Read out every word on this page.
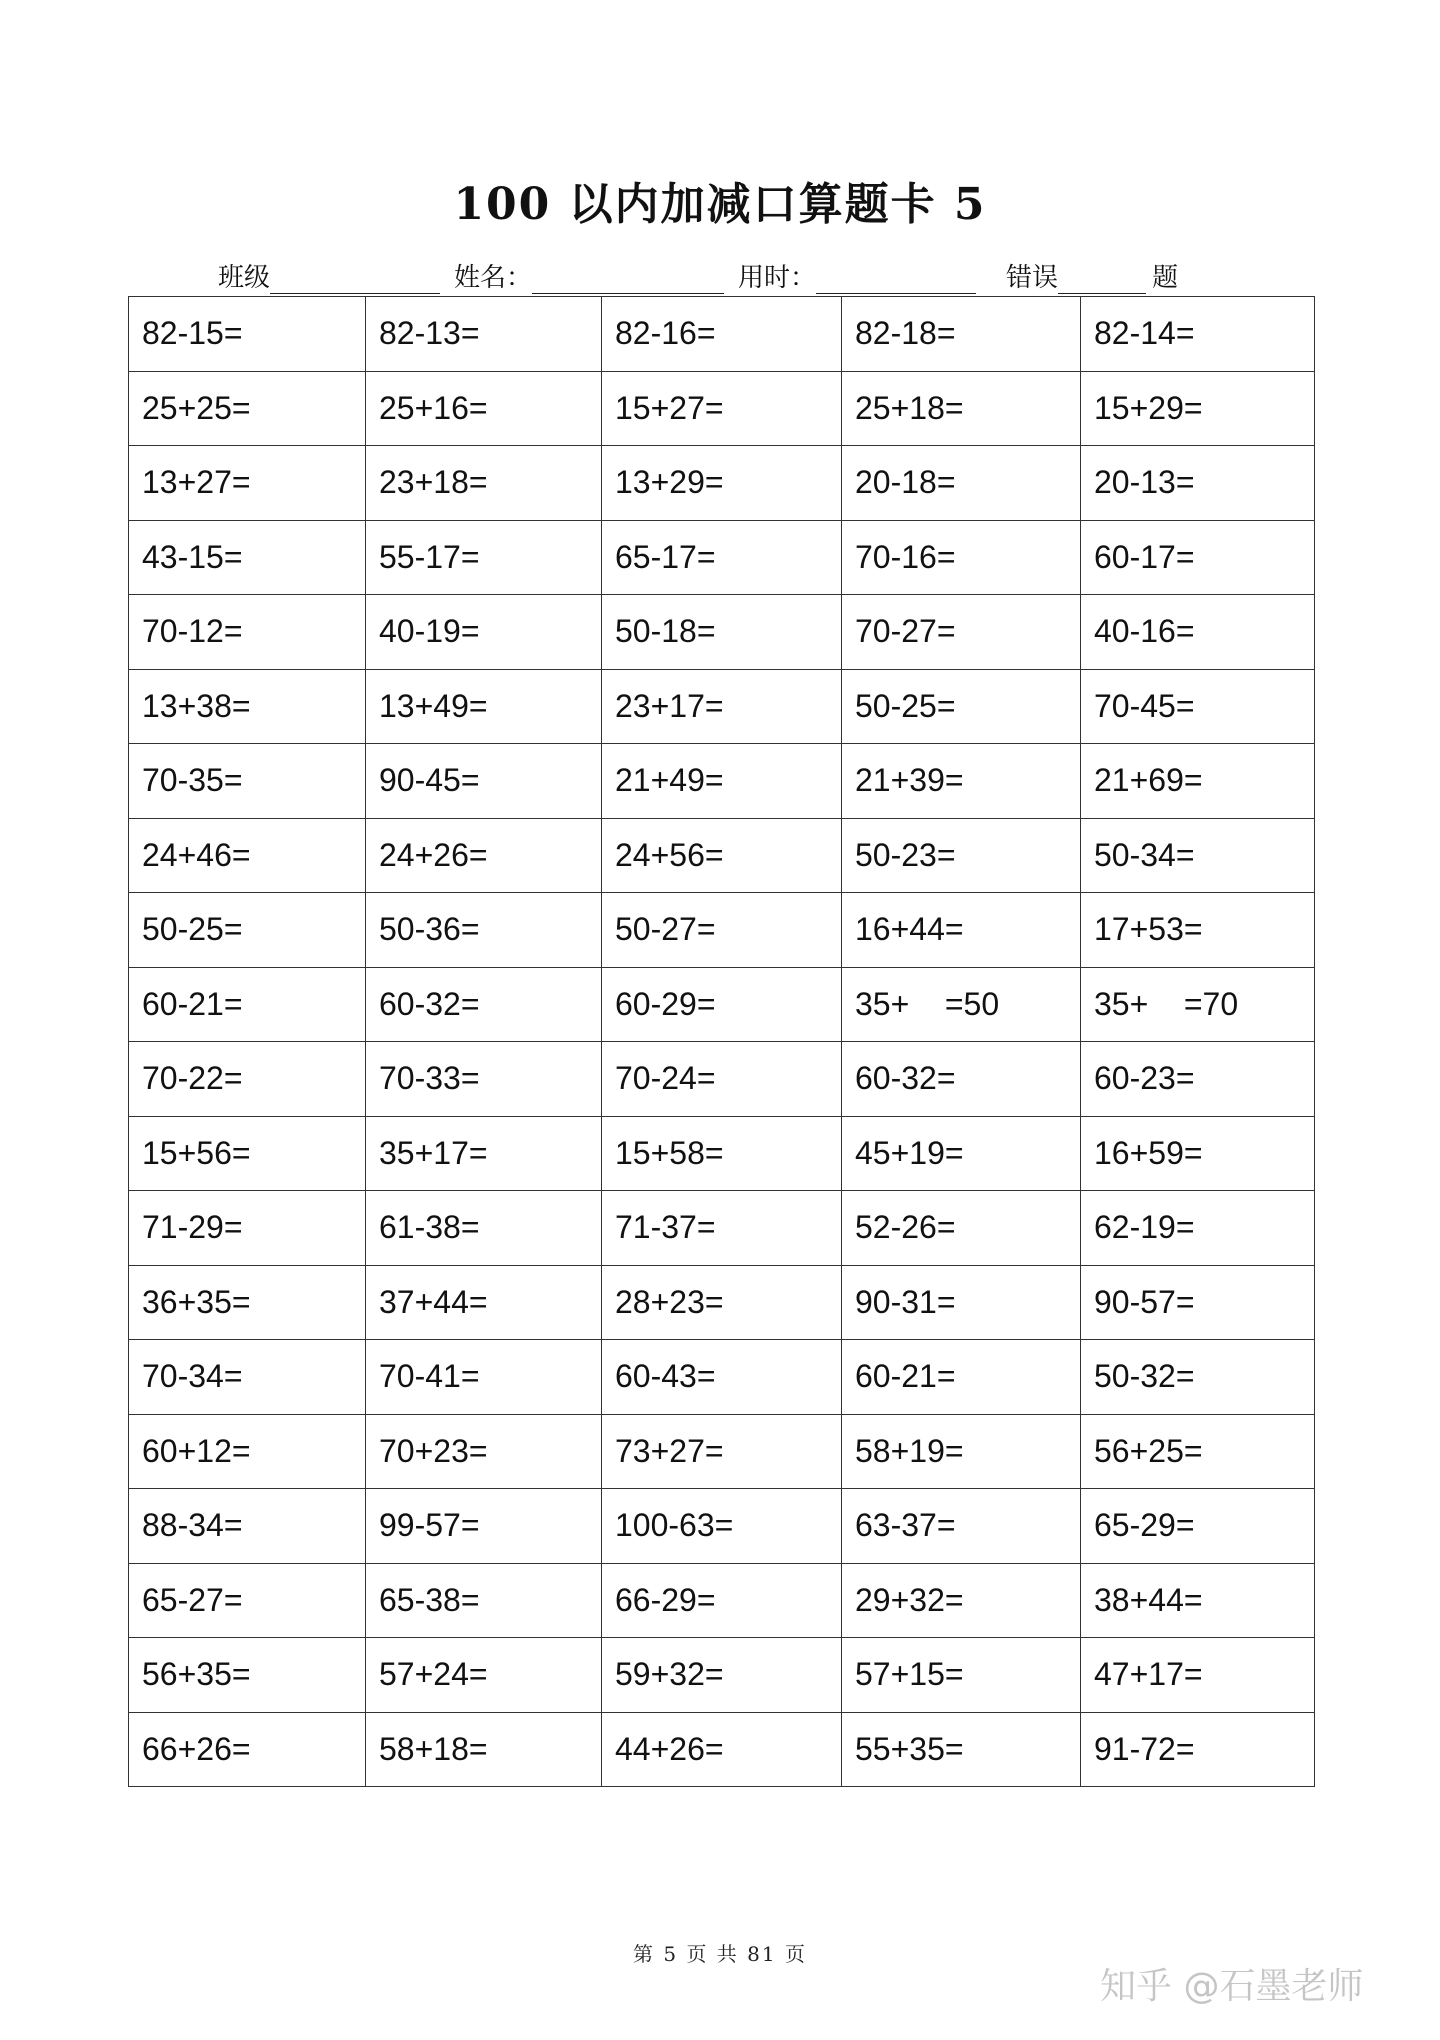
100 以内加减口算题卡 5
班级	姓名：	用时：	错误	题
82-15=	82-13=	82-16=	82-18=	82-14=
25+25=	25+16=	15+27=	25+18=	15+29=
13+27=	23+18=	13+29=	20-18=	20-13=
43-15=	55-17=	65-17=	70-16=	60-17=
70-12=	40-19=	50-18=	70-27=	40-16=
13+38=	13+49=	23+17=	50-25=	70-45=
70-35=	90-45=	21+49=	21+39=	21+69=
24+46=	24+26=	24+56=	50-23=	50-34=
50-25=	50-36=	50-27=	16+44=	17+53=
60-21=	60-32=	60-29=	35+    =50	35+    =70
70-22=	70-33=	70-24=	60-32=	60-23=
15+56=	35+17=	15+58=	45+19=	16+59=
71-29=	61-38=	71-37=	52-26=	62-19=
36+35=	37+44=	28+23=	90-31=	90-57=
70-34=	70-41=	60-43=	60-21=	50-32=
60+12=	70+23=	73+27=	58+19=	56+25=
88-34=	99-57=	100-63=	63-37=	65-29=
65-27=	65-38=	66-29=	29+32=	38+44=
56+35=	57+24=	59+32=	57+15=	47+17=
66+26=	58+18=	44+26=	55+35=	91-72=
第 5 页 共 81 页
知乎 @石墨老师
